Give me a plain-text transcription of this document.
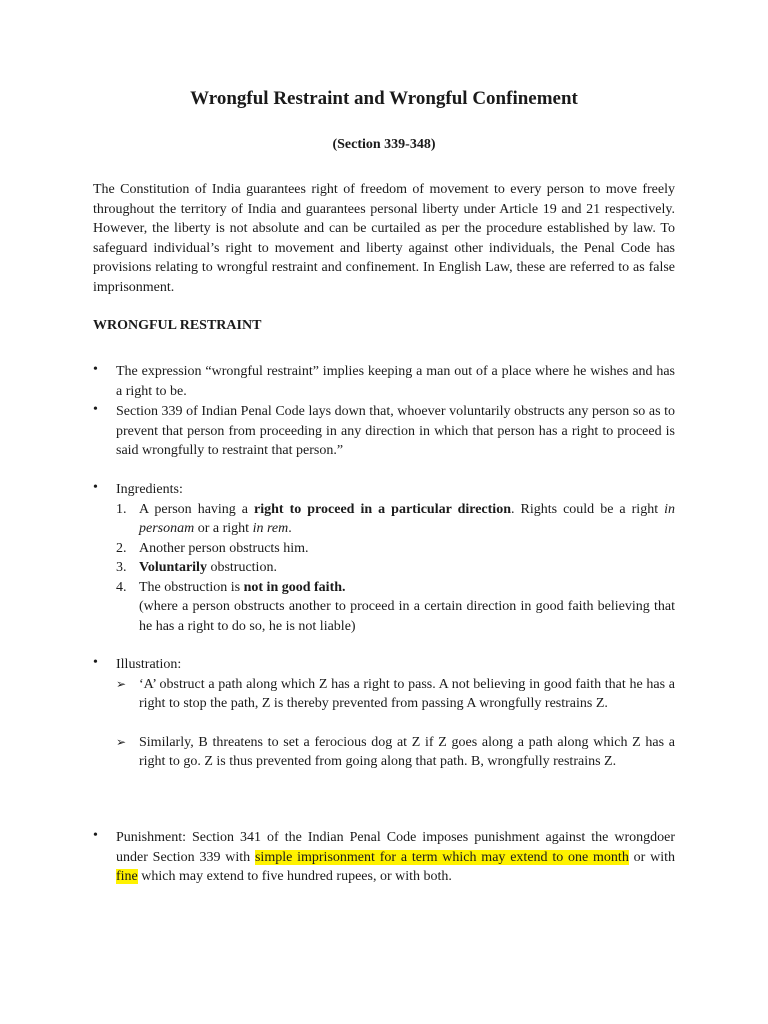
Wrongful Restraint and Wrongful Confinement

(Section 339-348)

The Constitution of India guarantees right of freedom of movement to every person to move freely throughout the territory of India and guarantees personal liberty under Article 19 and 21 respectively. However, the liberty is not absolute and can be curtailed as per the procedure established by law. To safeguard individual’s right to movement and liberty against other individuals, the Penal Code has provisions relating to wrongful restraint and confinement. In English Law, these are referred to as false imprisonment.

WRONGFUL RESTRAINT

• The expression “wrongful restraint” implies keeping a man out of a place where he wishes and has a right to be.
• Section 339 of Indian Penal Code lays down that, whoever voluntarily obstructs any person so as to prevent that person from proceeding in any direction in which that person has a right to proceed is said wrongfully to restraint that person.”
• Ingredients:
1. A person having a right to proceed in a particular direction. Rights could be a right in personam or a right in rem.
2. Another person obstructs him.
3. Voluntarily obstruction.
4. The obstruction is not in good faith.
(where a person obstructs another to proceed in a certain direction in good faith believing that he has a right to do so, he is not liable)
• Illustration:
➢ ‘A’ obstruct a path along which Z has a right to pass. A not believing in good faith that he has a right to stop the path, Z is thereby prevented from passing A wrongfully restrains Z.
➢ Similarly, B threatens to set a ferocious dog at Z if Z goes along a path along which Z has a right to go. Z is thus prevented from going along that path. B, wrongfully restrains Z.
• Punishment: Section 341 of the Indian Penal Code imposes punishment against the wrongdoer under Section 339 with simple imprisonment for a term which may extend to one month or with fine which may extend to five hundred rupees, or with both.
